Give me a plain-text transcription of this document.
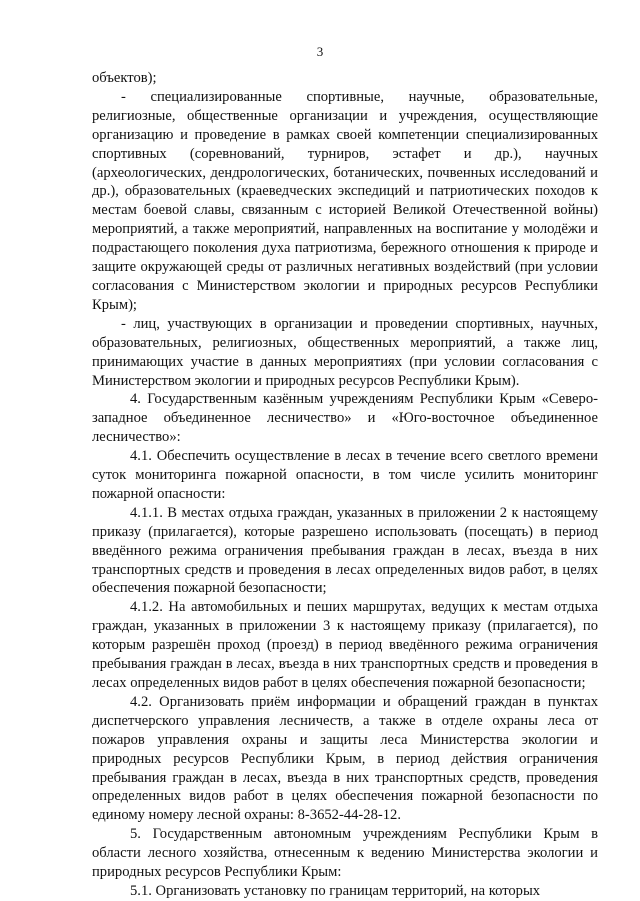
3

объектов);

- специализированные спортивные, научные, образовательные, религиозные, общественные организации и учреждения, осуществляющие организацию и проведение в рамках своей компетенции специализированных спортивных (соревнований, турниров, эстафет и др.), научных (археологических, дендрологических, ботанических, почвенных исследований и др.), образовательных (краеведческих экспедиций и патриотических походов к местам боевой славы, связанным с историей Великой Отечественной войны) мероприятий, а также мероприятий, направленных на воспитание у молодёжи и подрастающего поколения духа патриотизма, бережного отношения к природе и защите окружающей среды от различных негативных воздействий (при условии согласования с Министерством экологии и природных ресурсов Республики Крым);

- лиц, участвующих в организации и проведении спортивных, научных, образовательных, религиозных, общественных мероприятий, а также лиц, принимающих участие в данных мероприятиях (при условии согласования с Министерством экологии и природных ресурсов Республики Крым).

4. Государственным казённым учреждениям Республики Крым «Северо-западное объединенное лесничество» и «Юго-восточное объединенное лесничество»:

4.1. Обеспечить осуществление в лесах в течение всего светлого времени суток мониторинга пожарной опасности, в том числе усилить мониторинг пожарной опасности:

4.1.1. В местах отдыха граждан, указанных в приложении 2 к настоящему приказу (прилагается), которые разрешено использовать (посещать) в период введённого режима ограничения пребывания граждан в лесах, въезда в них транспортных средств и проведения в лесах определенных видов работ, в целях обеспечения пожарной безопасности;

4.1.2. На автомобильных и пеших маршрутах, ведущих к местам отдыха граждан, указанных в приложении 3 к настоящему приказу (прилагается), по которым разрешён проход (проезд) в период введённого режима ограничения пребывания граждан в лесах, въезда в них транспортных средств и проведения в лесах определенных видов работ в целях обеспечения пожарной безопасности;

4.2. Организовать приём информации и обращений граждан в пунктах диспетчерского управления лесничеств, а также в отделе охраны леса от пожаров управления охраны и защиты леса Министерства экологии и природных ресурсов Республики Крым, в период действия ограничения пребывания граждан в лесах, въезда в них транспортных средств, проведения определенных видов работ в целях обеспечения пожарной безопасности по единому номеру лесной охраны: 8-3652-44-28-12.

5. Государственным автономным учреждениям Республики Крым в области лесного хозяйства, отнесенным к ведению Министерства экологии и природных ресурсов Республики Крым:

5.1. Организовать установку по границам территорий, на которых
